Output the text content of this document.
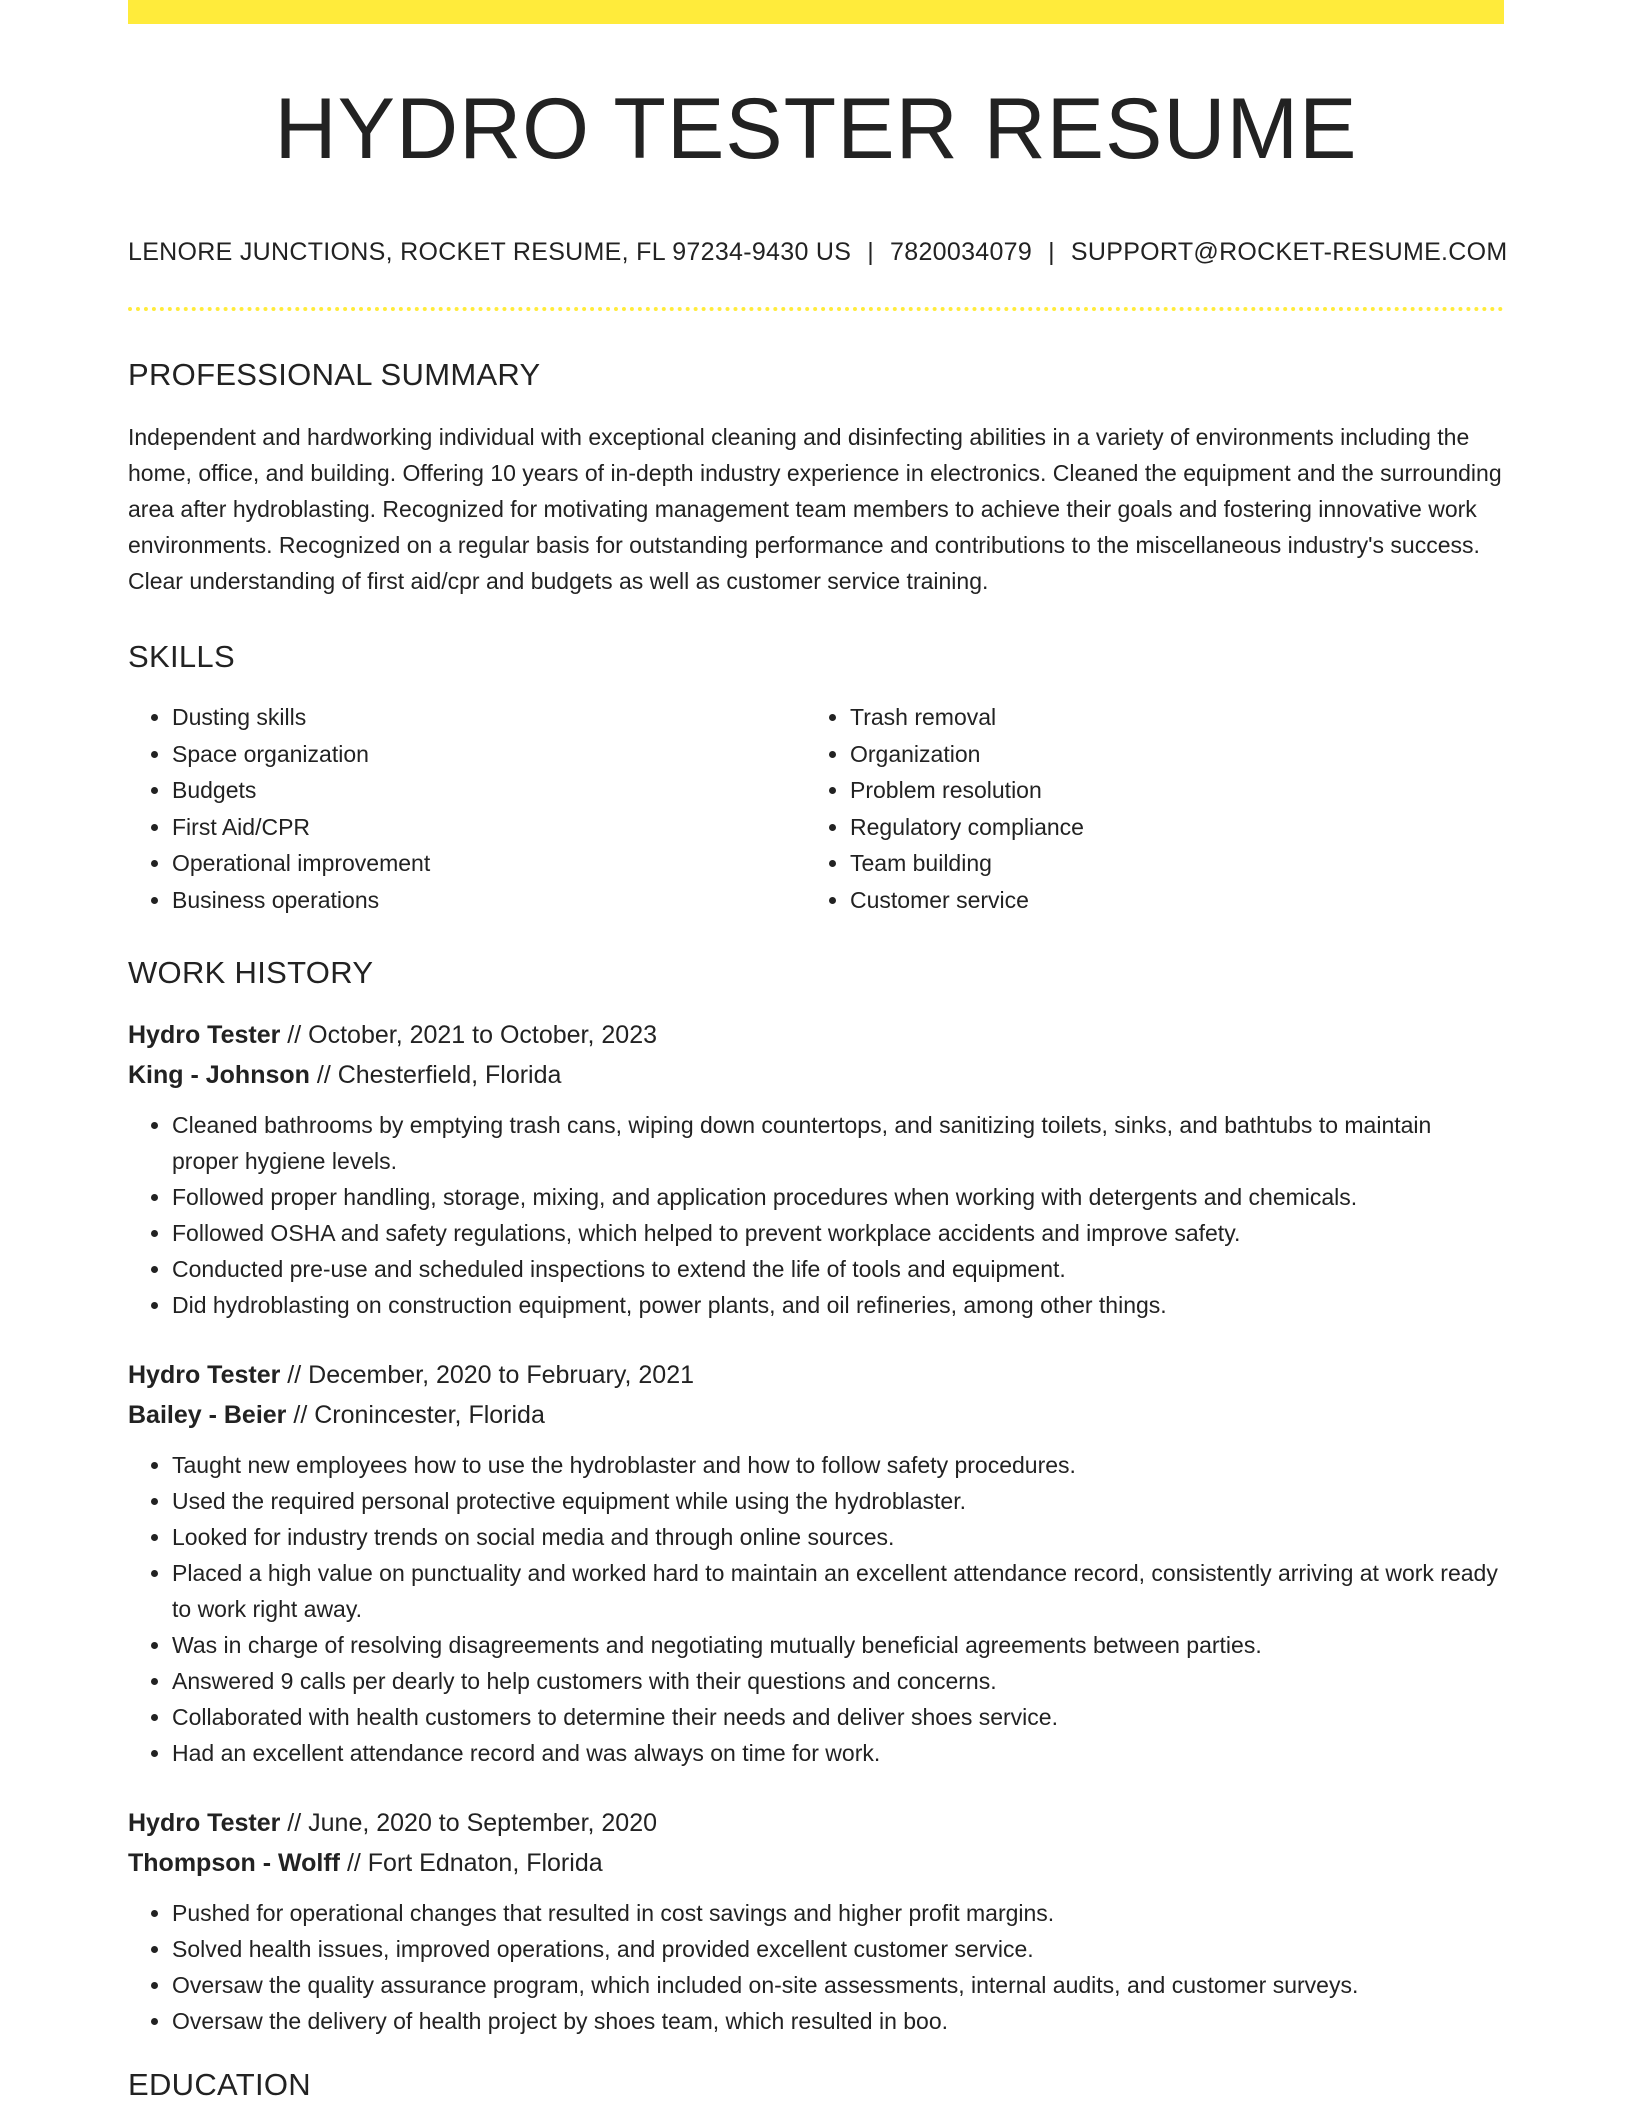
HYDRO TESTER RESUME
LENORE JUNCTIONS, ROCKET RESUME, FL 97234-9430 US | 7820034079 | SUPPORT@ROCKET-RESUME.COM
PROFESSIONAL SUMMARY
Independent and hardworking individual with exceptional cleaning and disinfecting abilities in a variety of environments including the home, office, and building. Offering 10 years of in-depth industry experience in electronics. Cleaned the equipment and the surrounding area after hydroblasting. Recognized for motivating management team members to achieve their goals and fostering innovative work environments. Recognized on a regular basis for outstanding performance and contributions to the miscellaneous industry's success. Clear understanding of first aid/cpr and budgets as well as customer service training.
SKILLS
• Dusting skills
• Space organization
• Budgets
• First Aid/CPR
• Operational improvement
• Business operations
• Trash removal
• Organization
• Problem resolution
• Regulatory compliance
• Team building
• Customer service
WORK HISTORY
Hydro Tester // October, 2021 to October, 2023
King - Johnson // Chesterfield, Florida
• Cleaned bathrooms by emptying trash cans, wiping down countertops, and sanitizing toilets, sinks, and bathtubs to maintain proper hygiene levels.
• Followed proper handling, storage, mixing, and application procedures when working with detergents and chemicals.
• Followed OSHA and safety regulations, which helped to prevent workplace accidents and improve safety.
• Conducted pre-use and scheduled inspections to extend the life of tools and equipment.
• Did hydroblasting on construction equipment, power plants, and oil refineries, among other things.
Hydro Tester // December, 2020 to February, 2021
Bailey - Beier // Cronincester, Florida
• Taught new employees how to use the hydroblaster and how to follow safety procedures.
• Used the required personal protective equipment while using the hydroblaster.
• Looked for industry trends on social media and through online sources.
• Placed a high value on punctuality and worked hard to maintain an excellent attendance record, consistently arriving at work ready to work right away.
• Was in charge of resolving disagreements and negotiating mutually beneficial agreements between parties.
• Answered 9 calls per dearly to help customers with their questions and concerns.
• Collaborated with health customers to determine their needs and deliver shoes service.
• Had an excellent attendance record and was always on time for work.
Hydro Tester // June, 2020 to September, 2020
Thompson - Wolff // Fort Ednaton, Florida
• Pushed for operational changes that resulted in cost savings and higher profit margins.
• Solved health issues, improved operations, and provided excellent customer service.
• Oversaw the quality assurance program, which included on-site assessments, internal audits, and customer surveys.
• Oversaw the delivery of health project by shoes team, which resulted in boo.
EDUCATION
